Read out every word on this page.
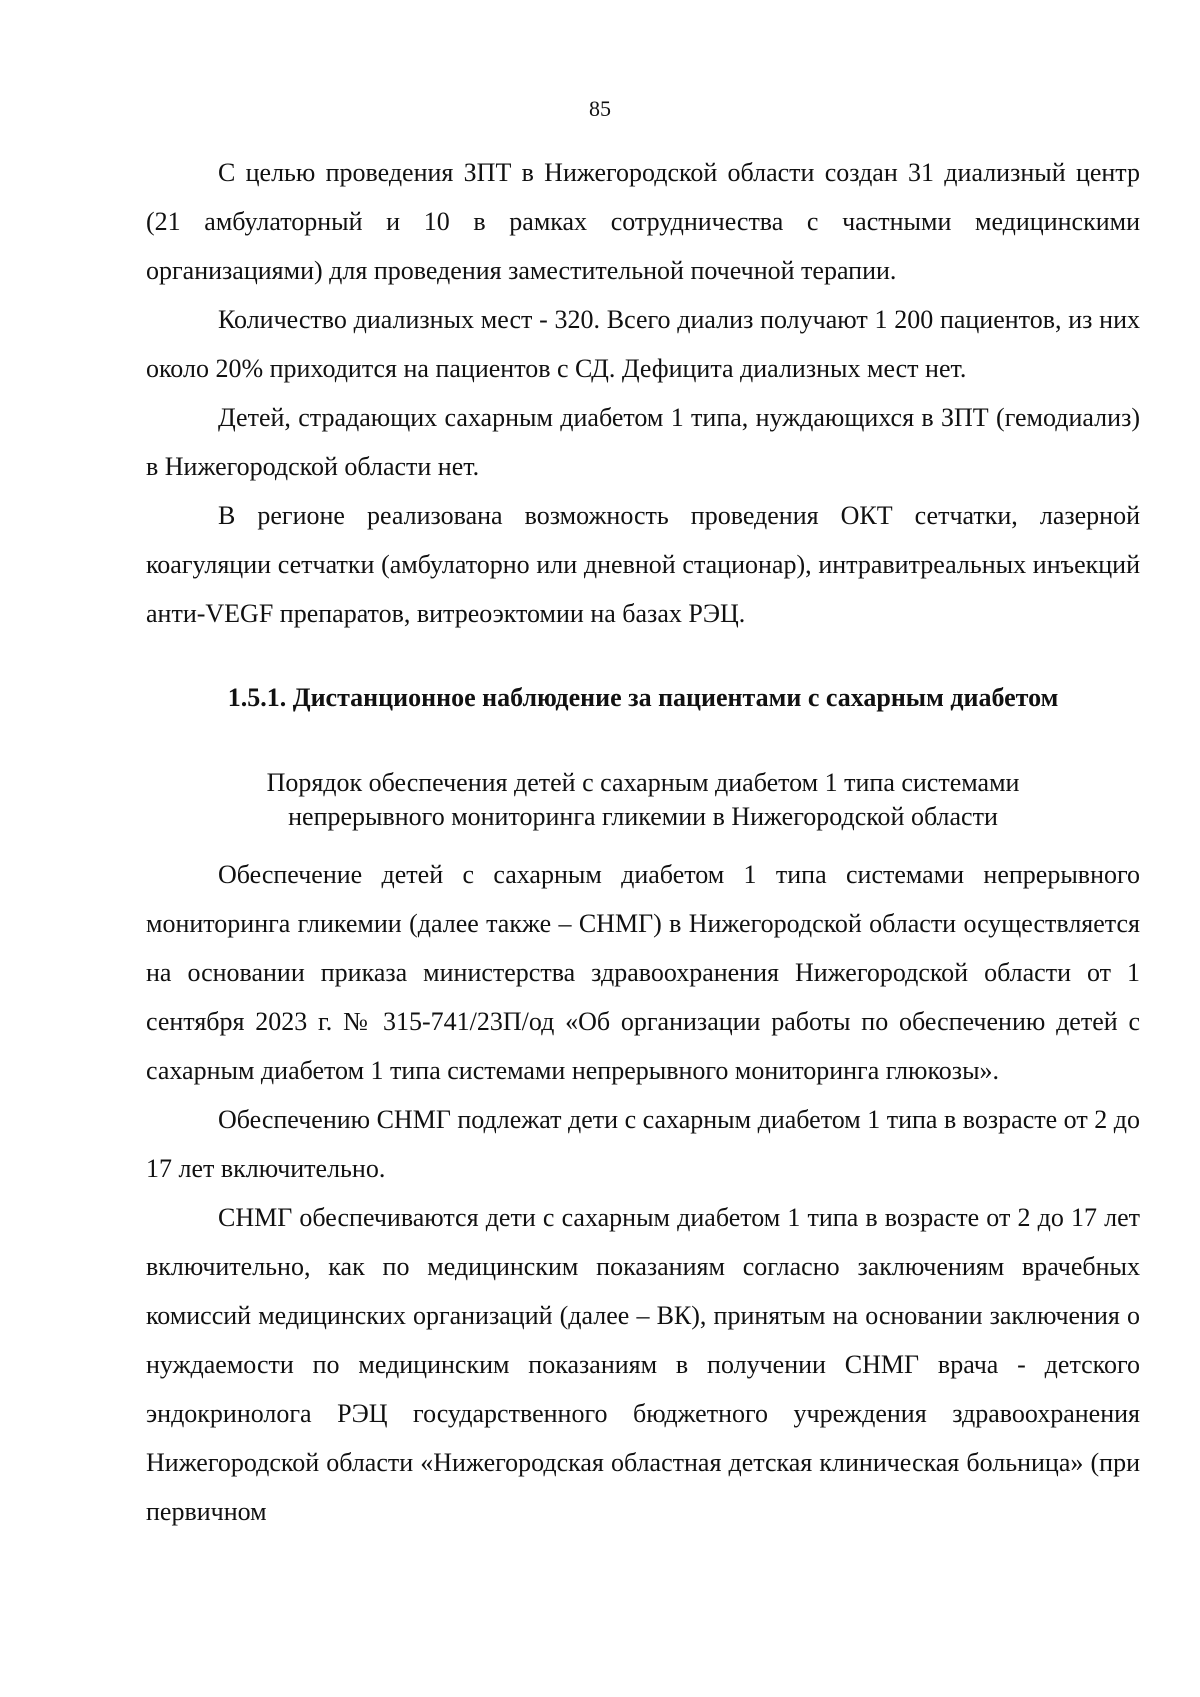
85

С целью проведения ЗПТ в Нижегородской области создан 31 диализный центр (21 амбулаторный и 10 в рамках сотрудничества с частными медицинскими организациями) для проведения заместительной почечной терапии.

Количество диализных мест - 320. Всего диализ получают 1 200 пациентов, из них около 20% приходится на пациентов с СД. Дефицита диализных мест нет.

Детей, страдающих сахарным диабетом 1 типа, нуждающихся в ЗПТ (гемодиализ) в Нижегородской области нет.

В регионе реализована возможность проведения ОКТ сетчатки, лазерной коагуляции сетчатки (амбулаторно или дневной стационар), интравитреальных инъекций анти-VEGF препаратов, витреоэктомии на базах РЭЦ.

1.5.1. Дистанционное наблюдение за пациентами с сахарным диабетом
Порядок обеспечения детей с сахарным диабетом 1 типа системами
непрерывного мониторинга гликемии в Нижегородской области

Обеспечение детей с сахарным диабетом 1 типа системами непрерывного мониторинга гликемии (далее также – СНМГ) в Нижегородской области осуществляется на основании приказа министерства здравоохранения Нижегородской области от 1 сентября 2023 г. № 315-741/23П/од «Об организации работы по обеспечению детей с сахарным диабетом 1 типа системами непрерывного мониторинга глюкозы».

Обеспечению СНМГ подлежат дети с сахарным диабетом 1 типа в возрасте от 2 до 17 лет включительно.

СНМГ обеспечиваются дети с сахарным диабетом 1 типа в возрасте от 2 до 17 лет включительно, как по медицинским показаниям согласно заключениям врачебных комиссий медицинских организаций (далее – ВК), принятым на основании заключения о нуждаемости по медицинским показаниям в получении СНМГ врача - детского эндокринолога РЭЦ государственного бюджетного учреждения здравоохранения Нижегородской области «Нижегородская областная детская клиническая больница» (при первичном
